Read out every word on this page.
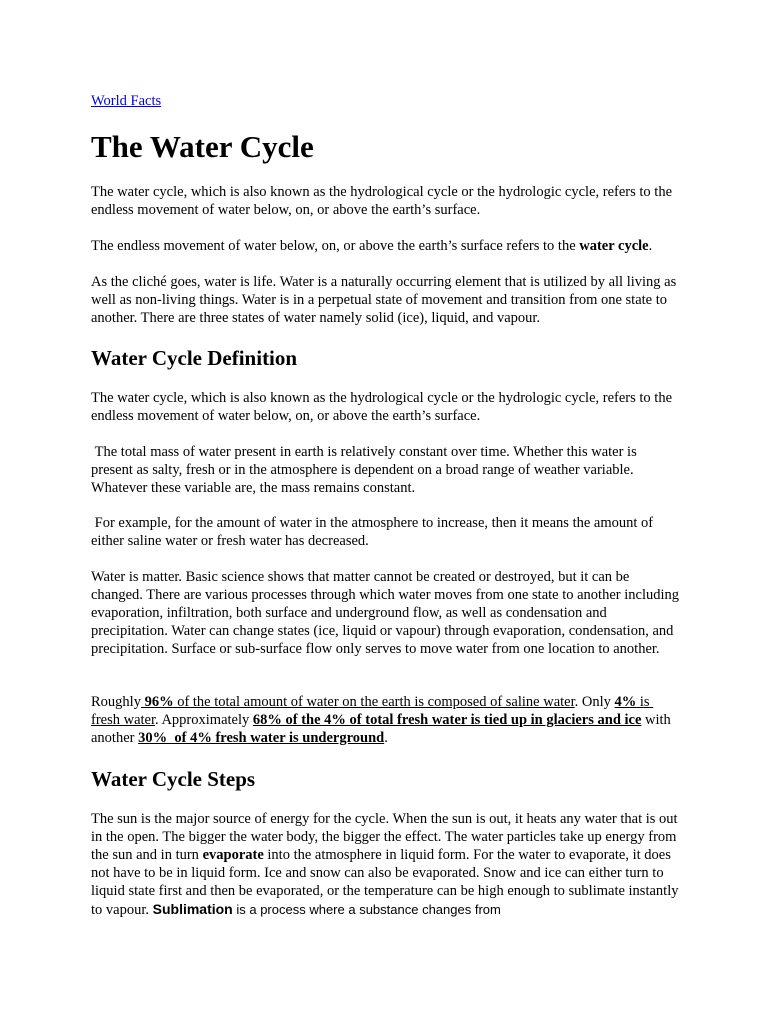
World Facts
The Water Cycle

The water cycle, which is also known as the hydrological cycle or the hydrologic cycle, refers to the endless movement of water below, on, or above the earth’s surface.

The endless movement of water below, on, or above the earth’s surface refers to the water cycle.

As the cliché goes, water is life. Water is a naturally occurring element that is utilized by all living as well as non-living things. Water is in a perpetual state of movement and transition from one state to another. There are three states of water namely solid (ice), liquid, and vapour.

Water Cycle Definition

The water cycle, which is also known as the hydrological cycle or the hydrologic cycle, refers to the endless movement of water below, on, or above the earth’s surface.

The total mass of water present in earth is relatively constant over time. Whether this water is present as salty, fresh or in the atmosphere is dependent on a broad range of weather variable. Whatever these variable are, the mass remains constant.

For example, for the amount of water in the atmosphere to increase, then it means the amount of either saline water or fresh water has decreased.

Water is matter. Basic science shows that matter cannot be created or destroyed, but it can be changed. There are various processes through which water moves from one state to another including evaporation, infiltration, both surface and underground flow, as well as condensation and precipitation. Water can change states (ice, liquid or vapour) through evaporation, condensation, and precipitation. Surface or sub-surface flow only serves to move water from one location to another.

Roughly 96% of the total amount of water on the earth is composed of saline water. Only 4% is fresh water. Approximately 68% of the 4% of total fresh water is tied up in glaciers and ice with another 30%  of 4% fresh water is underground.

Water Cycle Steps

The sun is the major source of energy for the cycle. When the sun is out, it heats any water that is out in the open. The bigger the water body, the bigger the effect. The water particles take up energy from the sun and in turn evaporate into the atmosphere in liquid form. For the water to evaporate, it does not have to be in liquid form. Ice and snow can also be evaporated. Snow and ice can either turn to liquid state first and then be evaporated, or the temperature can be high enough to sublimate instantly to vapour. Sublimation is a process where a substance changes from
